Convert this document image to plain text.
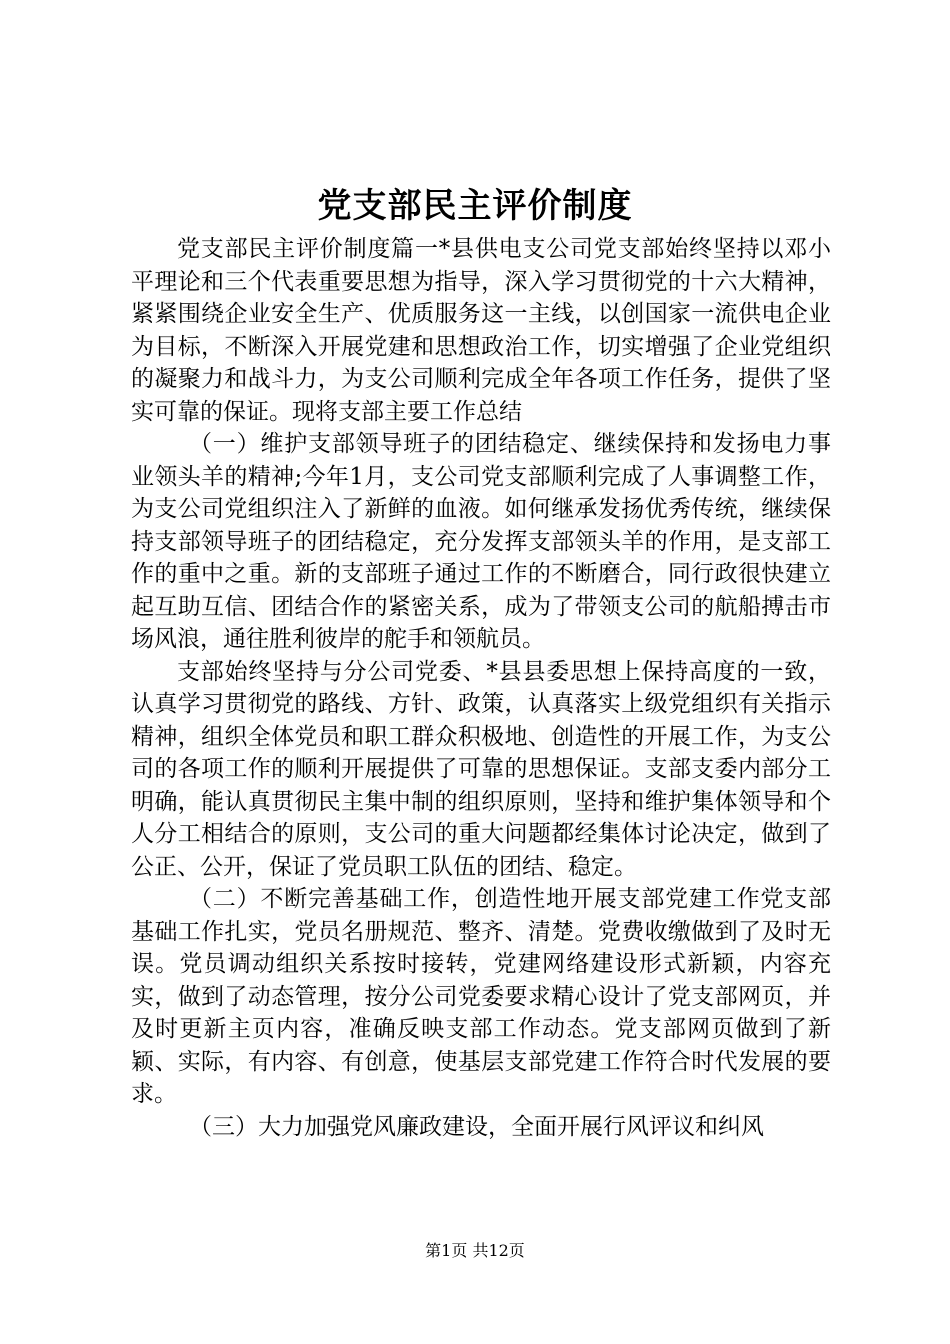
党支部民主评价制度

党支部民主评价制度篇一*县供电支公司党支部始终坚持以邓小平理论和三个代表重要思想为指导，深入学习贯彻党的十六大精神，紧紧围绕企业安全生产、优质服务这一主线，以创国家一流供电企业为目标，不断深入开展党建和思想政治工作，切实增强了企业党组织的凝聚力和战斗力，为支公司顺利完成全年各项工作任务，提供了坚实可靠的保证。现将支部主要工作总结

（一）维护支部领导班子的团结稳定、继续保持和发扬电力事业领头羊的精神;今年1月，支公司党支部顺利完成了人事调整工作，为支公司党组织注入了新鲜的血液。如何继承发扬优秀传统，继续保持支部领导班子的团结稳定，充分发挥支部领头羊的作用，是支部工作的重中之重。新的支部班子通过工作的不断磨合，同行政很快建立起互助互信、团结合作的紧密关系，成为了带领支公司的航船搏击市场风浪，通往胜利彼岸的舵手和领航员。

支部始终坚持与分公司党委、*县县委思想上保持高度的一致，认真学习贯彻党的路线、方针、政策，认真落实上级党组织有关指示精神，组织全体党员和职工群众积极地、创造性的开展工作，为支公司的各项工作的顺利开展提供了可靠的思想保证。支部支委内部分工明确，能认真贯彻民主集中制的组织原则，坚持和维护集体领导和个人分工相结合的原则，支公司的重大问题都经集体讨论决定，做到了公正、公开，保证了党员职工队伍的团结、稳定。

（二）不断完善基础工作，创造性地开展支部党建工作党支部基础工作扎实，党员名册规范、整齐、清楚。党费收缴做到了及时无误。党员调动组织关系按时接转，党建网络建设形式新颖，内容充实，做到了动态管理，按分公司党委要求精心设计了党支部网页，并及时更新主页内容，准确反映支部工作动态。党支部网页做到了新颖、实际，有内容、有创意，使基层支部党建工作符合时代发展的要求。

（三）大力加强党风廉政建设，全面开展行风评议和纠风

第1页 共12页
